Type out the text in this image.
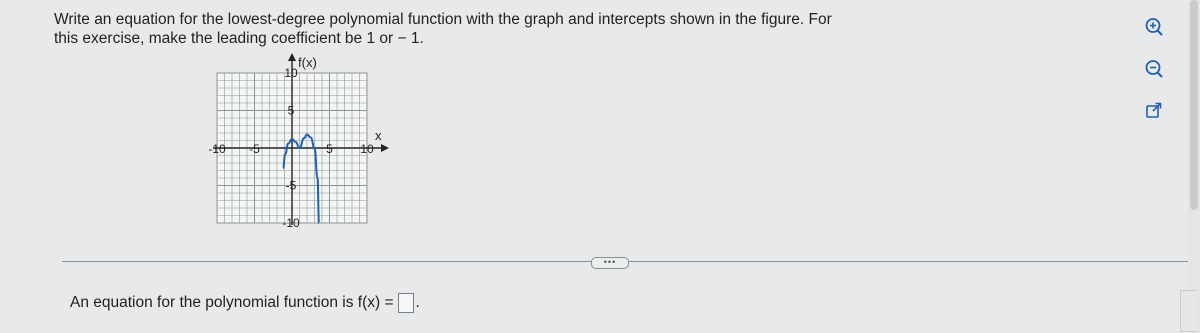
Write an equation for the lowest-degree polynomial function with the graph and intercepts shown in the figure. For
this exercise, make the leading coefficient be 1 or − 1.
-10 -5	5 10
10
5
-5
-10
f(x)
x
•••
An equation for the polynomial function is f(x) = .
